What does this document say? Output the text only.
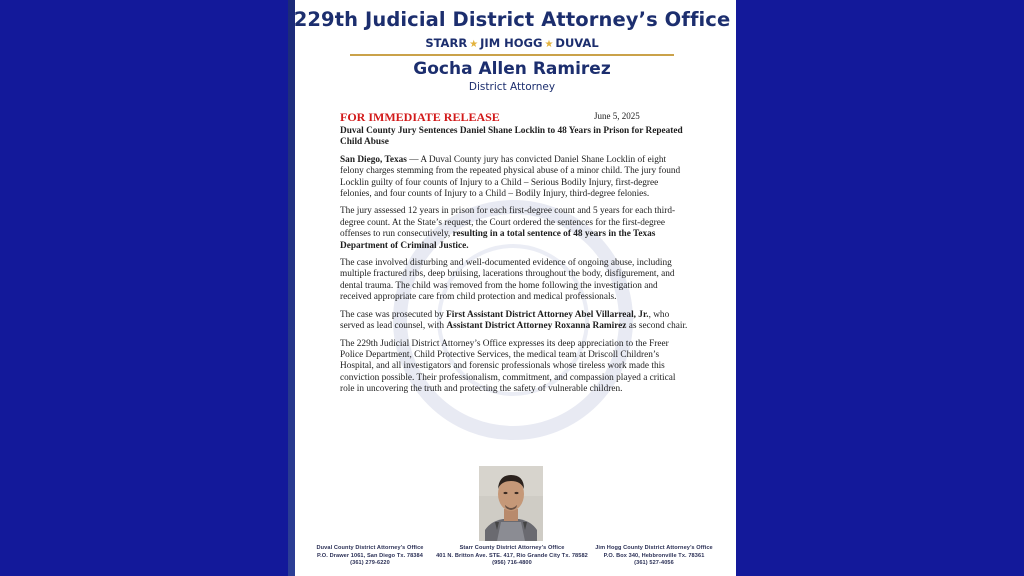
229th Judicial District Attorney’s Office
STARR ★ JIM HOGG ★ DUVAL
Gocha Allen Ramirez
District Attorney
FOR IMMEDIATE RELEASE	June 5, 2025

Duval County Jury Sentences Daniel Shane Locklin to 48 Years in Prison for Repeated Child Abuse

San Diego, Texas — A Duval County jury has convicted Daniel Shane Locklin of eight felony charges stemming from the repeated physical abuse of a minor child. The jury found Locklin guilty of four counts of Injury to a Child – Serious Bodily Injury, first-degree felonies, and four counts of Injury to a Child – Bodily Injury, third-degree felonies.

The jury assessed 12 years in prison for each first-degree count and 5 years for each third-degree count. At the State’s request, the Court ordered the sentences for the first-degree offenses to run consecutively, resulting in a total sentence of 48 years in the Texas Department of Criminal Justice.

The case involved disturbing and well-documented evidence of ongoing abuse, including multiple fractured ribs, deep bruising, lacerations throughout the body, disfigurement, and dental trauma. The child was removed from the home following the investigation and received appropriate care from child protection and medical professionals.

The case was prosecuted by First Assistant District Attorney Abel Villarreal, Jr., who served as lead counsel, with Assistant District Attorney Roxanna Ramirez as second chair.

The 229th Judicial District Attorney’s Office expresses its deep appreciation to the Freer Police Department, Child Protective Services, the medical team at Driscoll Children’s Hospital, and all investigators and forensic professionals whose tireless work made this conviction possible. Their professionalism, commitment, and compassion played a critical role in uncovering the truth and protecting the safety of vulnerable children.

Duval County District Attorney’s Office
P.O. Drawer 1061, San Diego Tx. 78384
(361) 279-6220
Starr County District Attorney’s Office
401 N. Britton Ave. STE. 417, Rio Grande City Tx. 78582
(956) 716-4800
Jim Hogg County District Attorney’s Office
P.O. Box 340, Hebbronville Tx. 78361
(361) 527-4056
